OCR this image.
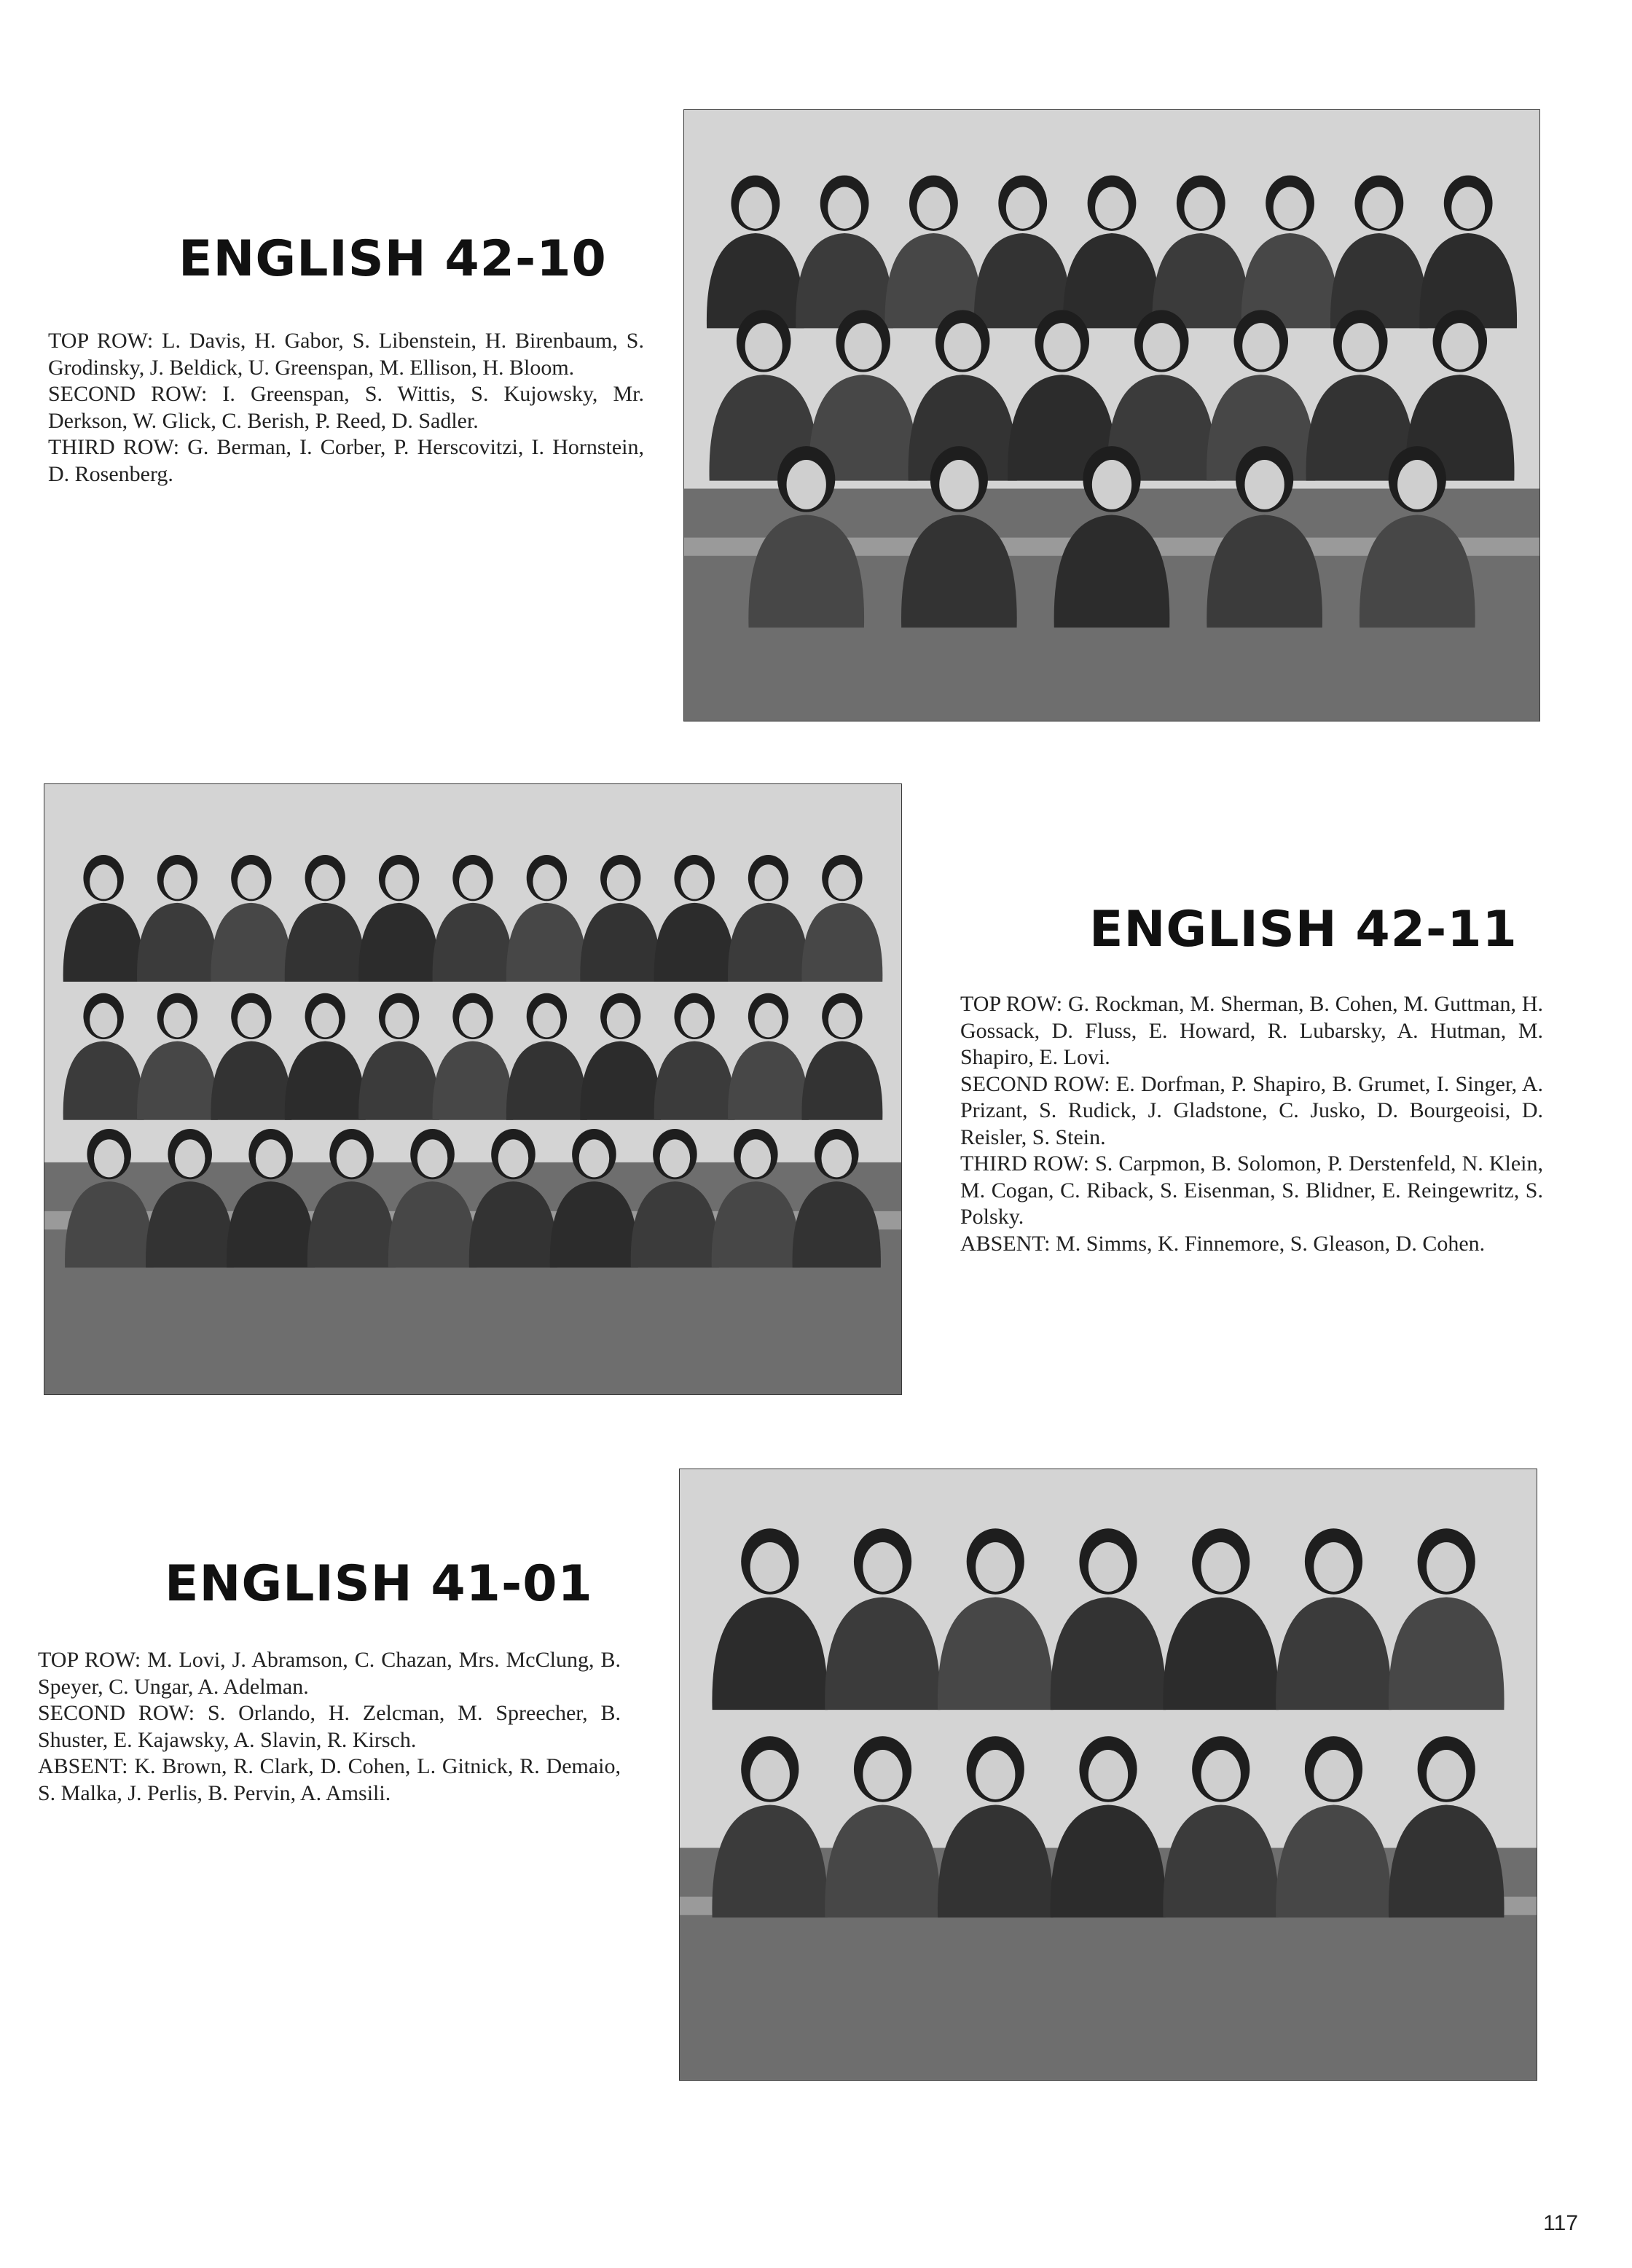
ENGLISH 42-10

TOP ROW: L. Davis, H. Gabor, S. Libenstein, H. Birenbaum, S. Grodinsky, J. Beldick, U. Greenspan, M. Ellison, H. Bloom.

SECOND ROW: I. Greenspan, S. Wittis, S. Kujowsky, Mr. Derkson, W. Glick, C. Berish, P. Reed, D. Sadler.

THIRD ROW: G. Berman, I. Corber, P. Herscovitzi, I. Hornstein, D. Rosenberg.

ENGLISH 42-11

TOP ROW: G. Rockman, M. Sherman, B. Cohen, M. Guttman, H. Gossack, D. Fluss, E. Howard, R. Lubarsky, A. Hutman, M. Shapiro, E. Lovi.

SECOND ROW: E. Dorfman, P. Shapiro, B. Grumet, I. Singer, A. Prizant, S. Rudick, J. Gladstone, C. Jusko, D. Bourgeoisi, D. Reisler, S. Stein.

THIRD ROW: S. Carpmon, B. Solomon, P. Derstenfeld, N. Klein, M. Cogan, C. Riback, S. Eisenman, S. Blidner, E. Reingewritz, S. Polsky.

ABSENT: M. Simms, K. Finnemore, S. Gleason, D. Cohen.

ENGLISH 41-01

TOP ROW: M. Lovi, J. Abramson, C. Chazan, Mrs. McClung, B. Speyer, C. Ungar, A. Adelman.

SECOND ROW: S. Orlando, H. Zelcman, M. Spreecher, B. Shuster, E. Kajawsky, A. Slavin, R. Kirsch.

ABSENT: K. Brown, R. Clark, D. Cohen, L. Gitnick, R. Demaio, S. Malka, J. Perlis, B. Pervin, A. Amsili.

117
